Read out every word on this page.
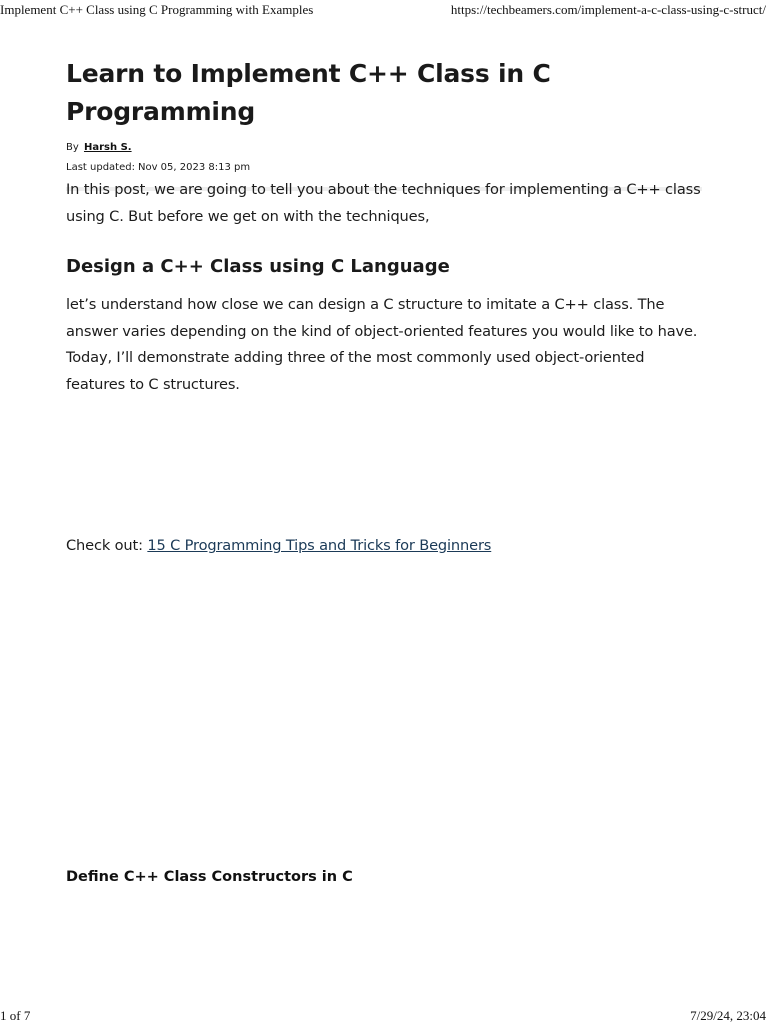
Implement C++ Class using C Programming with Examples	https://techbeamers.com/implement-a-c-class-using-c-struct/
Learn to Implement C++ Class in C Programming
By Harsh S.
Last updated: Nov 05, 2023 8:13 pm

In this post, we are going to tell you about the techniques for implementing a C++ class using C. But before we get on with the techniques,

Design a C++ Class using C Language

let’s understand how close we can design a C structure to imitate a C++ class. The answer varies depending on the kind of object-oriented features you would like to have. Today, I’ll demonstrate adding three of the most commonly used object-oriented features to C structures.

Check out: 15 C Programming Tips and Tricks for Beginners

Define C++ Class Constructors in C
1 of 7	7/29/24, 23:04
